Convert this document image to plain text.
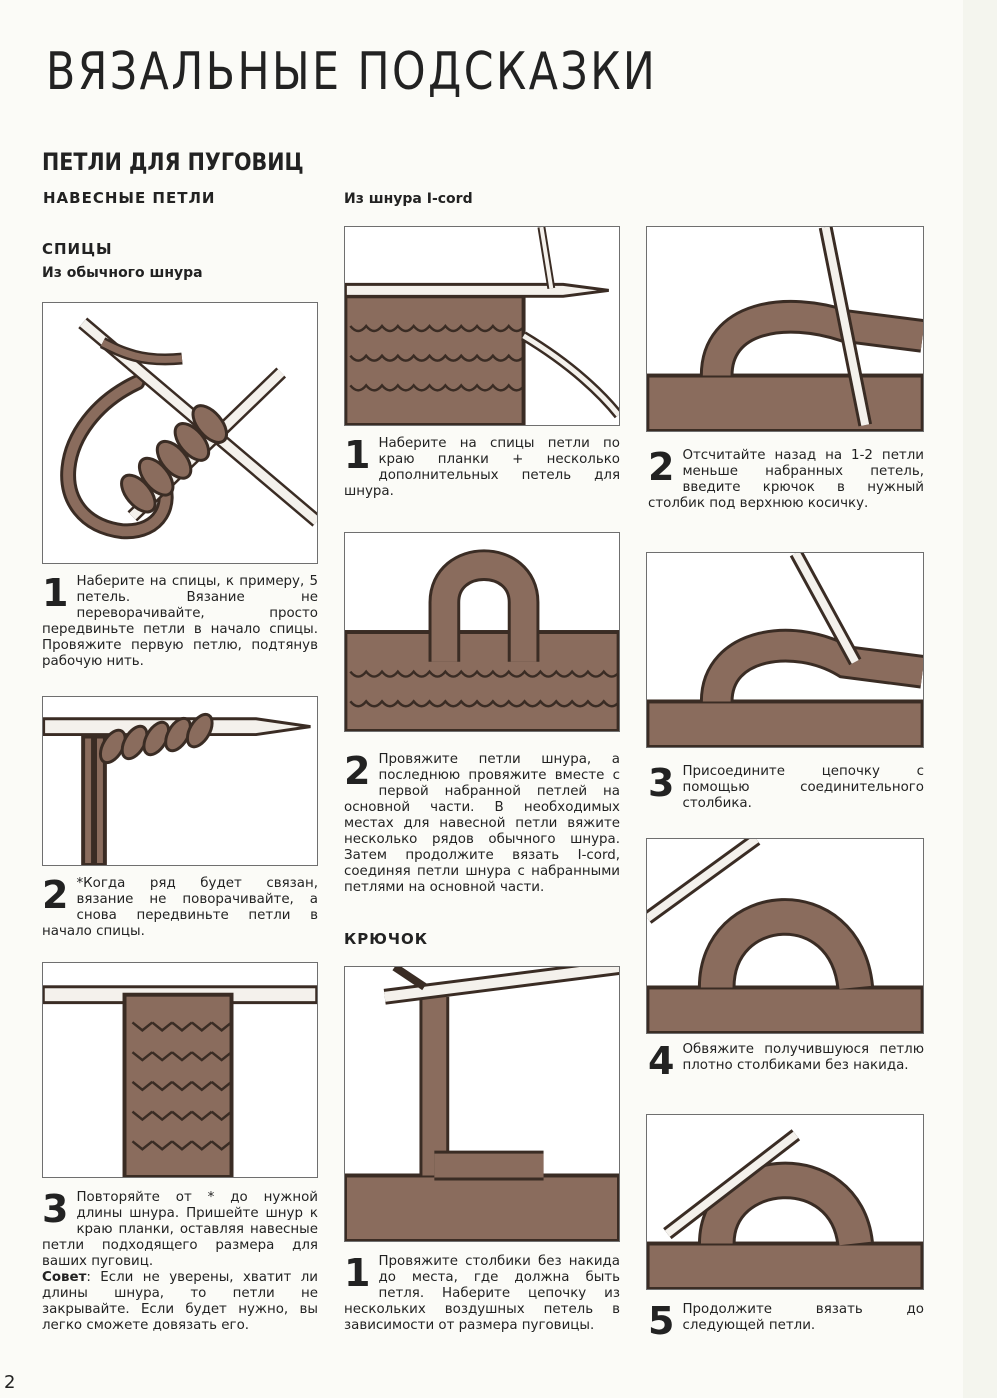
ВЯЗАЛЬНЫЕ ПОДСКАЗКИ
ПЕТЛИ ДЛЯ ПУГОВИЦ
НАВЕСНЫЕ ПЕТЛИ
СПИЦЫ
Из обычного шнура
1 Наберите на спицы, к примеру, 5 петель. Вязание не переворачивайте, просто передвиньте петли в начало спицы. Провяжите первую петлю, подтянув рабочую нить.

2 *Когда ряд будет связан, вязание не поворачивайте, а снова передвиньте петли в начало спицы.

3 Повторяйте от * до нужной длины шнура. Пришейте шнур к краю планки, оставляя навесные петли подходящего размера для ваших пуговиц.

Совет: Если не уверены, хватит ли длины шнура, то петли не закрывайте. Если будет нужно, вы легко сможете довязать его.

Из шнура I-cord
1 Наберите на спицы петли по краю планки + несколько дополнительных петель для шнура.

2 Провяжите петли шнура, а последнюю провяжите вместе с первой набранной петлей на основной части. В необходимых местах для навесной петли вяжите несколько рядов обычного шнура. Затем продолжите вязать I-cord, соединяя петли шнура с набранными петлями на основной части.

КРЮЧОК
1 Провяжите столбики без накида до места, где должна быть петля. Наберите цепочку из нескольких воздушных петель в зависимости от размера пуговицы.

2 Отсчитайте назад на 1-2 петли меньше набранных петель, введите крючок в нужный столбик под верхнюю косичку.

3 Присоедините цепочку с помощью соединительного столбика.

4 Обвяжите получившуюся петлю плотно столбиками без накида.

5 Продолжите вязать до следующей петли.

2
